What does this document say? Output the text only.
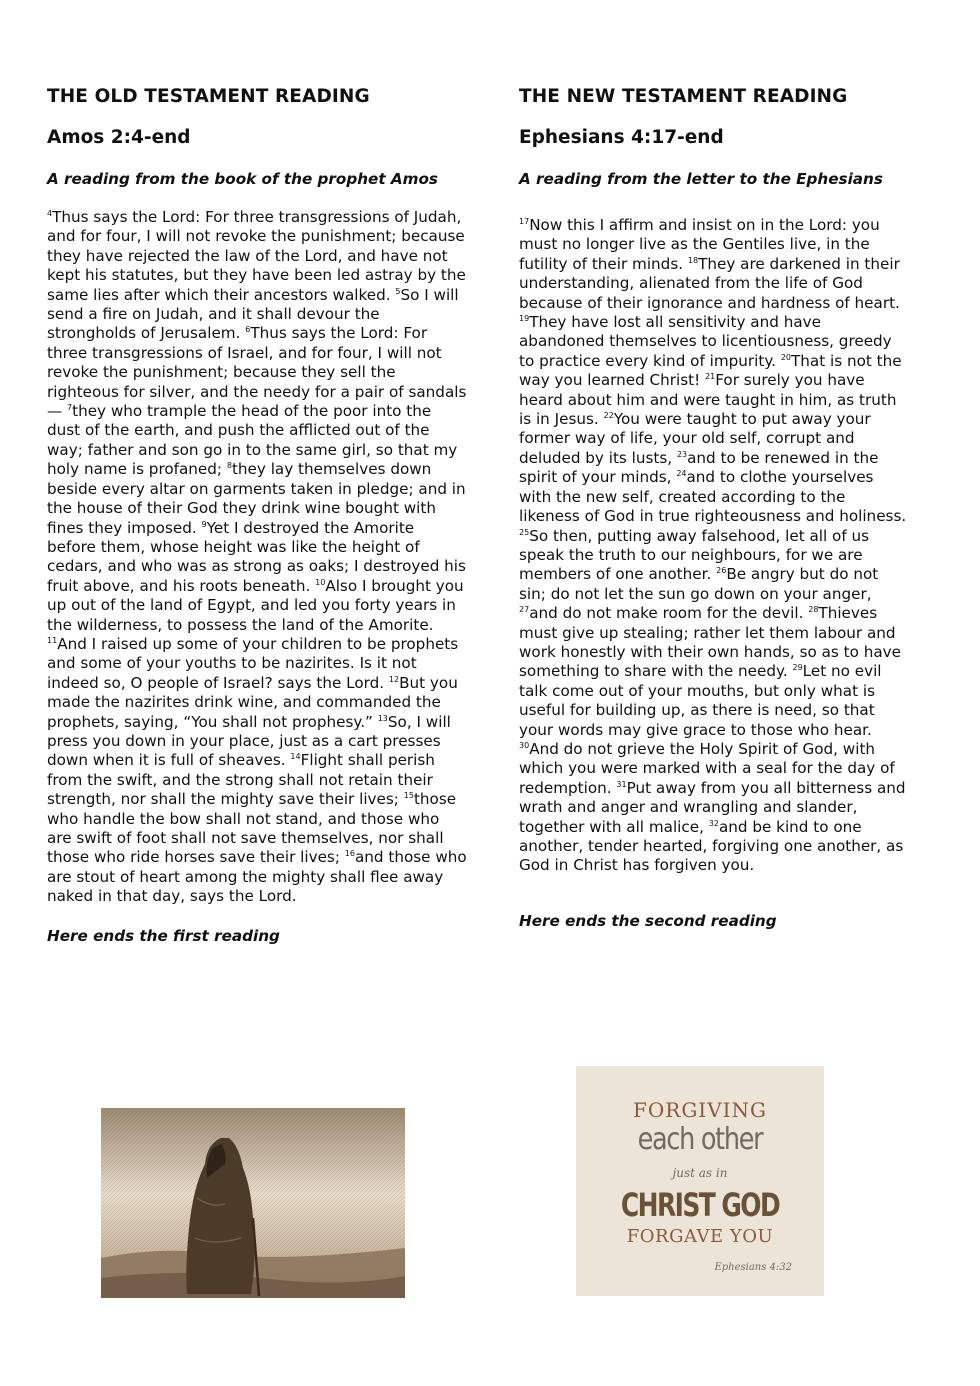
THE OLD TESTAMENT READING
Amos 2:4-end
A reading from the book of the prophet Amos

$^4$Thus says the Lord: For three transgressions of Judah, and for four, I will not revoke the punishment; because they have rejected the law of the Lord, and have not kept his statutes, but they have been led astray by the same lies after which their ancestors walked. $^5$So I will send a fire on Judah, and it shall devour the strongholds of Jerusalem. $^6$Thus says the Lord: For three transgressions of Israel, and for four, I will not revoke the punishment; because they sell the righteous for silver, and the needy for a pair of sandals— $^7$they who trample the head of the poor into the dust of the earth, and push the afflicted out of the way; father and son go in to the same girl, so that my holy name is profaned; $^8$they lay themselves down beside every altar on garments taken in pledge; and in the house of their God they drink wine bought with fines they imposed. $^9$Yet I destroyed the Amorite before them, whose height was like the height of cedars, and who was as strong as oaks; I destroyed his fruit above, and his roots beneath. $^{10}$Also I brought you up out of the land of Egypt, and led you forty years in the wilderness, to possess the land of the Amorite. $^{11}$And I raised up some of your children to be prophets and some of your youths to be nazirites. Is it not indeed so, O people of Israel? says the Lord. $^{12}$But you made the nazirites drink wine, and commanded the prophets, saying, “You shall not prophesy.” $^{13}$So, I will press you down in your place, just as a cart presses down when it is full of sheaves. $^{14}$Flight shall perish from the swift, and the strong shall not retain their strength, nor shall the mighty save their lives; $^{15}$those who handle the bow shall not stand, and those who are swift of foot shall not save themselves, nor shall those who ride horses save their lives; $^{16}$and those who are stout of heart among the mighty shall flee away naked in that day, says the Lord.

Here ends the first reading
THE NEW TESTAMENT READING
Ephesians 4:17-end
A reading from the letter to the Ephesians

$^{17}$Now this I affirm and insist on in the Lord: you must no longer live as the Gentiles live, in the futility of their minds. $^{18}$They are darkened in their understanding, alienated from the life of God because of their ignorance and hardness of heart. $^{19}$They have lost all sensitivity and have abandoned themselves to licentiousness, greedy to practice every kind of impurity. $^{20}$That is not the way you learned Christ! $^{21}$For surely you have heard about him and were taught in him, as truth is in Jesus. $^{22}$You were taught to put away your former way of life, your old self, corrupt and deluded by its lusts, $^{23}$and to be renewed in the spirit of your minds, $^{24}$and to clothe yourselves with the new self, created according to the likeness of God in true righteousness and holiness. $^{25}$So then, putting away falsehood, let all of us speak the truth to our neighbours, for we are members of one another. $^{26}$Be angry but do not sin; do not let the sun go down on your anger, $^{27}$and do not make room for the devil. $^{28}$Thieves must give up stealing; rather let them labour and work honestly with their own hands, so as to have something to share with the needy. $^{29}$Let no evil talk come out of your mouths, but only what is useful for building up, as there is need, so that your words may give grace to those who hear. $^{30}$And do not grieve the Holy Spirit of God, with which you were marked with a seal for the day of redemption. $^{31}$Put away from you all bitterness and wrath and anger and wrangling and slander, together with all malice, $^{32}$and be kind to one another, tender hearted, forgiving one another, as God in Christ has forgiven you.

Here ends the second reading
FORGIVING
each other
just as in
CHRIST GOD
FORGAVE YOU
Ephesians 4:32
